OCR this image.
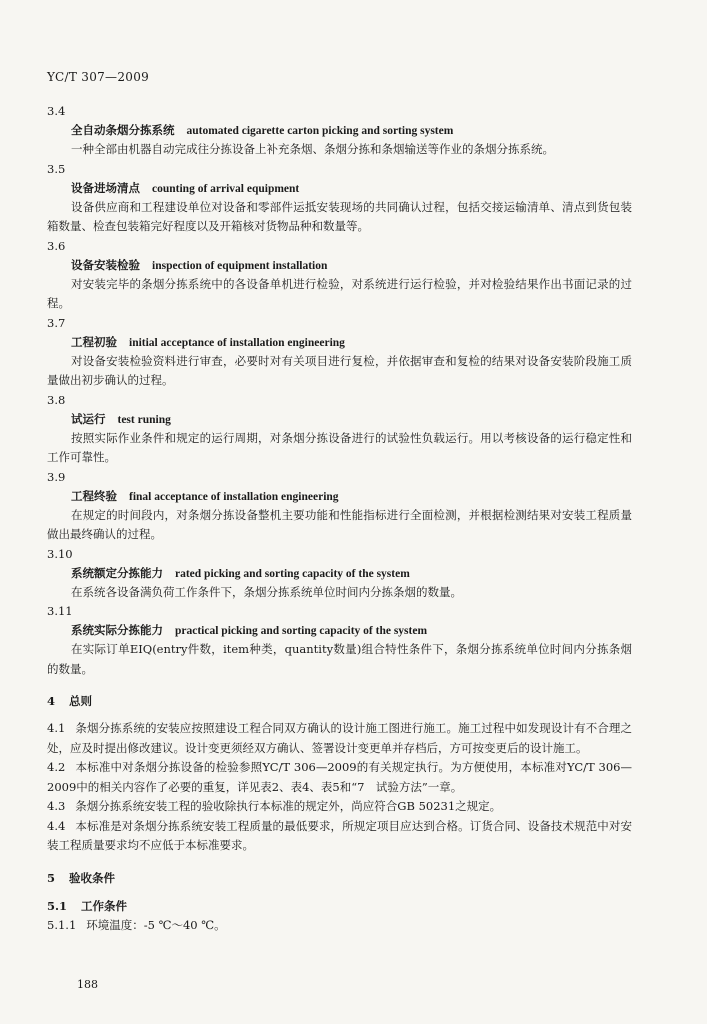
YC/T 307—2009
3.4
全自动条烟分拣系统 automated cigarette carton picking and sorting system

一种全部由机器自动完成往分拣设备上补充条烟、条烟分拣和条烟输送等作业的条烟分拣系统。

3.5
设备进场清点 counting of arrival equipment

设备供应商和工程建设单位对设备和零部件运抵安装现场的共同确认过程，包括交接运输清单、清点到货包装箱数量、检查包装箱完好程度以及开箱核对货物品种和数量等。

3.6
设备安装检验 inspection of equipment installation

对安装完毕的条烟分拣系统中的各设备单机进行检验，对系统进行运行检验，并对检验结果作出书面记录的过程。

3.7
工程初验 initial acceptance of installation engineering

对设备安装检验资料进行审查，必要时对有关项目进行复检，并依据审查和复检的结果对设备安装阶段施工质量做出初步确认的过程。

3.8
试运行 test runing

按照实际作业条件和规定的运行周期，对条烟分拣设备进行的试验性负载运行。用以考核设备的运行稳定性和工作可靠性。

3.9
工程终验 final acceptance of installation engineering

在规定的时间段内，对条烟分拣设备整机主要功能和性能指标进行全面检测，并根据检测结果对安装工程质量做出最终确认的过程。

3.10
系统额定分拣能力 rated picking and sorting capacity of the system

在系统各设备满负荷工作条件下，条烟分拣系统单位时间内分拣条烟的数量。

3.11
系统实际分拣能力 practical picking and sorting capacity of the system

在实际订单EIQ(entry件数，item种类，quantity数量)组合特性条件下，条烟分拣系统单位时间内分拣条烟的数量。

4 总则

4.1 条烟分拣系统的安装应按照建设工程合同双方确认的设计施工图进行施工。施工过程中如发现设计有不合理之处，应及时提出修改建议。设计变更须经双方确认、签署设计变更单并存档后，方可按变更后的设计施工。

4.2 本标准中对条烟分拣设备的检验参照YC/T 306—2009的有关规定执行。为方便使用，本标准对YC/T 306—2009中的相关内容作了必要的重复，详见表2、表4、表5和“7　试验方法”一章。

4.3 条烟分拣系统安装工程的验收除执行本标准的规定外，尚应符合GB 50231之规定。

4.4 本标准是对条烟分拣系统安装工程质量的最低要求，所规定项目应达到合格。订货合同、设备技术规范中对安装工程质量要求均不应低于本标准要求。

5 验收条件
5.1 工作条件

5.1.1 环境温度：-5 ℃～40 ℃。

188
